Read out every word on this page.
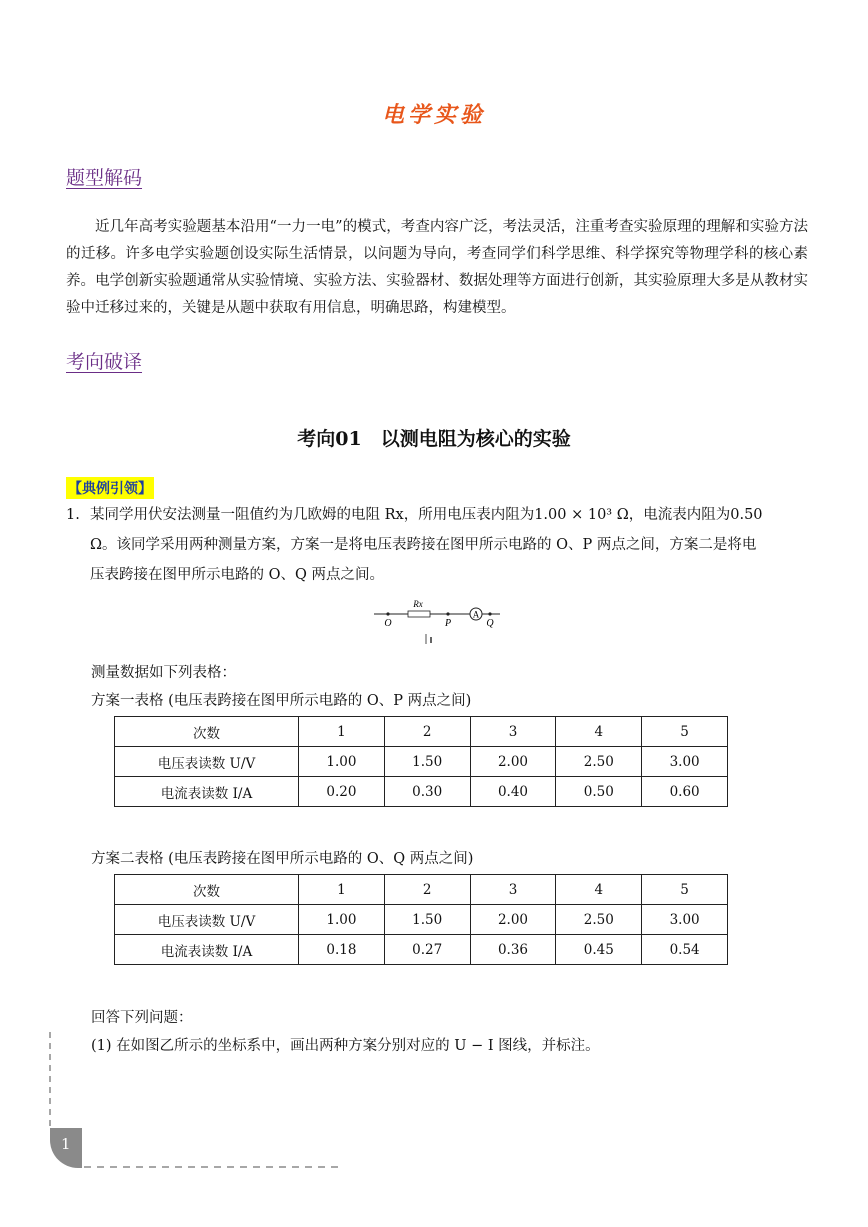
电学实验
题型解码
近几年高考实验题基本沿用“一力一电”的模式，考查内容广泛，考法灵活，注重考查实验原理的理解和实验方法的迁移。许多电学实验题创设实际生活情景，以问题为导向，考查同学们科学思维、科学探究等物理学科的核心素养。电学创新实验题通常从实验情境、实验方法、实验器材、数据处理等方面进行创新，其实验原理大多是从教材实验中迁移过来的，关键是从题中获取有用信息，明确思路，构建模型。
考向破译
考向01　以测电阻为核心的实验
【典例引领】
1. 某同学用伏安法测量一阻值约为几欧姆的电阻 Rx，所用电压表内阻为1.00 × 10³ Ω，电流表内阻为0.50
Ω。该同学采用两种测量方案，方案一是将电压表跨接在图甲所示电路的 O、P 两点之间，方案二是将电
压表跨接在图甲所示电路的 O、Q 两点之间。
A
O
Rx
P	Q
测量数据如下列表格：
方案一表格 (电压表跨接在图甲所示电路的 O、P 两点之间)
次数	1	2	3	4	5
电压表读数 U/V	1.00	1.50	2.00	2.50	3.00
电流表读数 I/A	0.20	0.30	0.40	0.50	0.60
方案二表格 (电压表跨接在图甲所示电路的 O、Q 两点之间)
次数	1	2	3	4	5
电压表读数 U/V	1.00	1.50	2.00	2.50	3.00
电流表读数 I/A	0.18	0.27	0.36	0.45	0.54
回答下列问题：
(1) 在如图乙所示的坐标系中，画出两种方案分别对应的 U − I 图线，并标注。
1
